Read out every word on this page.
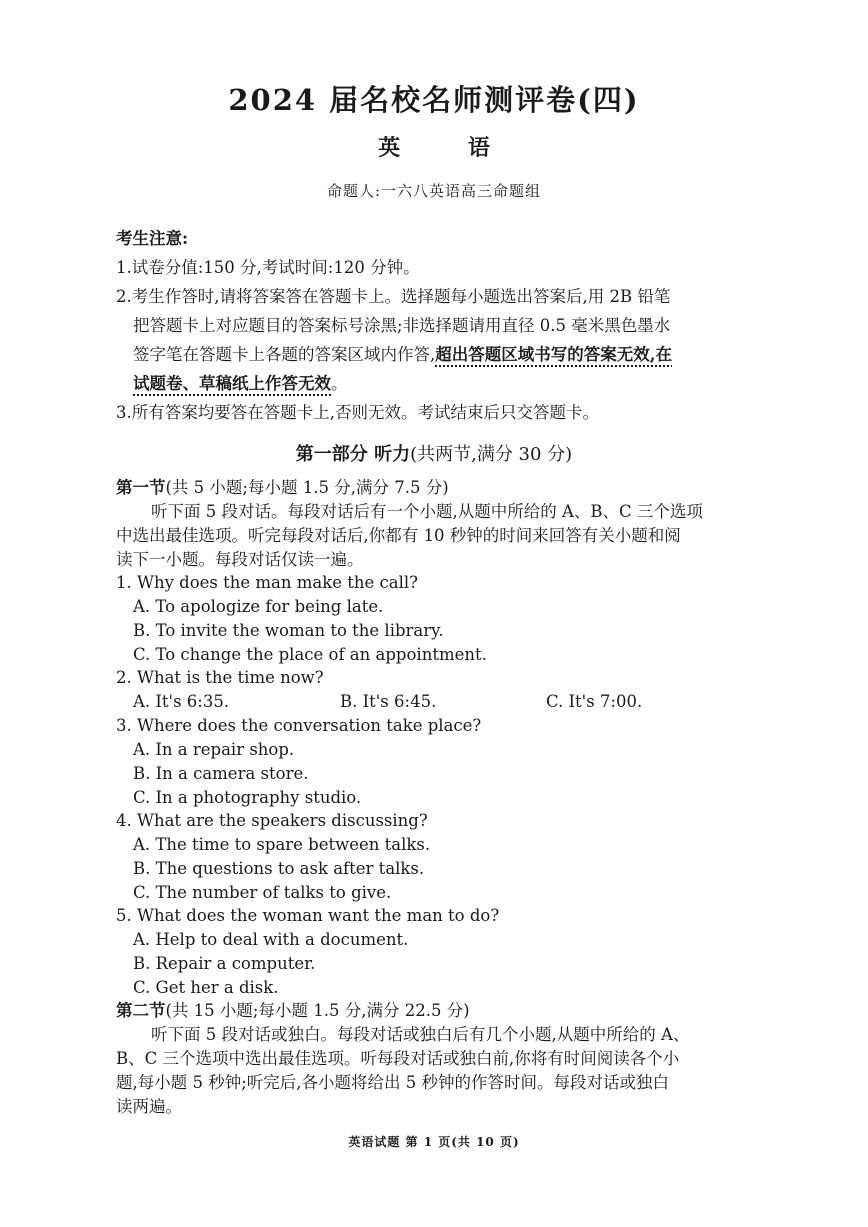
2024 届名校名师测评卷(四)
英 语
命题人:一六八英语高三命题组
考生注意:
1.试卷分值:150 分,考试时间:120 分钟。
2.考生作答时,请将答案答在答题卡上。选择题每小题选出答案后,用 2B 铅笔
把答题卡上对应题目的答案标号涂黑;非选择题请用直径 0.5 毫米黑色墨水
签字笔在答题卡上各题的答案区域内作答,超出答题区域书写的答案无效,在
试题卷、草稿纸上作答无效。
3.所有答案均要答在答题卡上,否则无效。考试结束后只交答题卡。
第一部分 听力(共两节,满分 30 分)
第一节(共 5 小题;每小题 1.5 分,满分 7.5 分)
听下面 5 段对话。每段对话后有一个小题,从题中所给的 A、B、C 三个选项
中选出最佳选项。听完每段对话后,你都有 10 秒钟的时间来回答有关小题和阅
读下一小题。每段对话仅读一遍。
1. Why does the man make the call?
A. To apologize for being late.
B. To invite the woman to the library.
C. To change the place of an appointment.
2. What is the time now?
A. It's 6:35.	B. It's 6:45.	C. It's 7:00.
3. Where does the conversation take place?
A. In a repair shop.
B. In a camera store.
C. In a photography studio.
4. What are the speakers discussing?
A. The time to spare between talks.
B. The questions to ask after talks.
C. The number of talks to give.
5. What does the woman want the man to do?
A. Help to deal with a document.
B. Repair a computer.
C. Get her a disk.
第二节(共 15 小题;每小题 1.5 分,满分 22.5 分)
听下面 5 段对话或独白。每段对话或独白后有几个小题,从题中所给的 A、
B、C 三个选项中选出最佳选项。听每段对话或独白前,你将有时间阅读各个小
题,每小题 5 秒钟;听完后,各小题将给出 5 秒钟的作答时间。每段对话或独白
读两遍。
英语试题 第 1 页(共 10 页)
